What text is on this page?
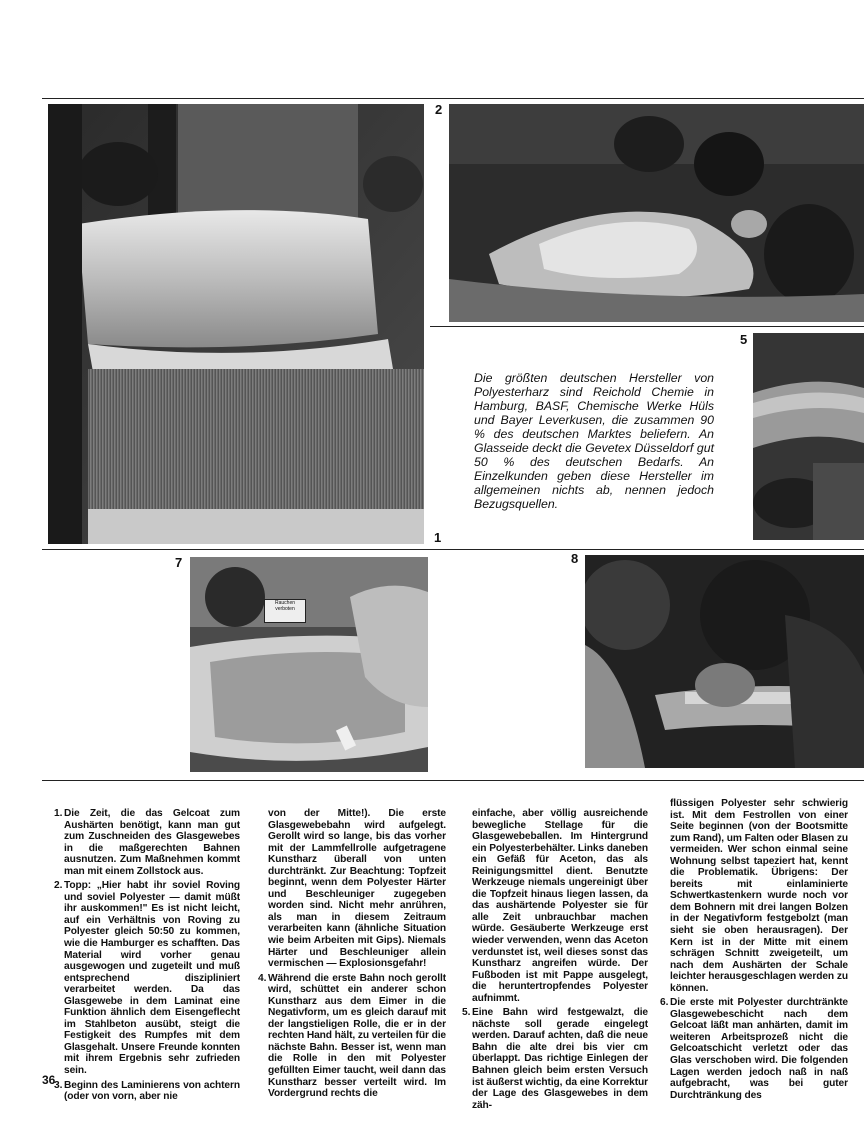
1
2
5
Die größten deutschen Hersteller von Polyesterharz sind Reichold Chemie in Hamburg, BASF, Chemische Werke Hüls und Bayer Leverkusen, die zusammen 90 % des deutschen Marktes beliefern. An Glasseide deckt die Gevetex Düsseldorf gut 50 % des deutschen Bedarfs. An Einzelkunden geben diese Hersteller im allgemeinen nichts ab, nennen jedoch Bezugsquellen.
7
Rauchen verboten
8
1. Die Zeit, die das Gelcoat zum Aushärten benötigt, kann man gut zum Zuschneiden des Glasgewebes in die maßgerechten Bahnen ausnutzen. Zum Maßnehmen kommt man mit einem Zollstock aus.
2. Topp: „Hier habt ihr soviel Roving und soviel Polyester — damit müßt ihr auskommen!" Es ist nicht leicht, auf ein Verhältnis von Roving zu Polyester gleich 50:50 zu kommen, wie die Hamburger es schafften. Das Material wird vorher genau ausgewogen und zugeteilt und muß entsprechend diszipliniert verarbeitet werden. Da das Glasgewebe in dem Laminat eine Funktion ähnlich dem Eisengeflecht im Stahlbeton ausübt, steigt die Festigkeit des Rumpfes mit dem Glasgehalt. Unsere Freunde konnten mit ihrem Ergebnis sehr zufrieden sein.
3. Beginn des Laminierens von achtern (oder von vorn, aber nie
von der Mitte!). Die erste Glasgewebebahn wird aufgelegt. Gerollt wird so lange, bis das vorher mit der Lammfellrolle aufgetragene Kunstharz überall von unten durchtränkt. Zur Beachtung: Topfzeit beginnt, wenn dem Polyester Härter und Beschleuniger zugegeben worden sind. Nicht mehr anrühren, als man in diesem Zeitraum verarbeiten kann (ähnliche Situation wie beim Arbeiten mit Gips). Niemals Härter und Beschleuniger allein vermischen — Explosionsgefahr!
4. Während die erste Bahn noch gerollt wird, schüttet ein anderer schon Kunstharz aus dem Eimer in die Negativform, um es gleich darauf mit der langstieligen Rolle, die er in der rechten Hand hält, zu verteilen für die nächste Bahn. Besser ist, wenn man die Rolle in den mit Polyester gefüllten Eimer taucht, weil dann das Kunstharz besser verteilt wird. Im Vordergrund rechts die
einfache, aber völlig ausreichende bewegliche Stellage für die Glasgewebeballen. Im Hintergrund ein Polyesterbehälter. Links daneben ein Gefäß für Aceton, das als Reinigungsmittel dient. Benutzte Werkzeuge niemals ungereinigt über die Topfzeit hinaus liegen lassen, da das aushärtende Polyester sie für alle Zeit unbrauchbar machen würde. Gesäuberte Werkzeuge erst wieder verwenden, wenn das Aceton verdunstet ist, weil dieses sonst das Kunstharz angreifen würde. Der Fußboden ist mit Pappe ausgelegt, die heruntertropfendes Polyester aufnimmt.
5. Eine Bahn wird festgewalzt, die nächste soll gerade eingelegt werden. Darauf achten, daß die neue Bahn die alte drei bis vier cm überlappt. Das richtige Einlegen der Bahnen gleich beim ersten Versuch ist äußerst wichtig, da eine Korrektur der Lage des Glasgewebes in dem zäh-
flüssigen Polyester sehr schwierig ist. Mit dem Festrollen von einer Seite beginnen (von der Bootsmitte zum Rand), um Falten oder Blasen zu vermeiden. Wer schon einmal seine Wohnung selbst tapeziert hat, kennt die Problematik. Übrigens: Der bereits mit einlaminierte Schwertkastenkern wurde noch vor dem Bohnern mit drei langen Bolzen in der Negativform festgebolzt (man sieht sie oben herausragen). Der Kern ist in der Mitte mit einem schrägen Schnitt zweigeteilt, um nach dem Aushärten der Schale leichter herausgeschlagen werden zu können.
6. Die erste mit Polyester durchtränkte Glasgewebeschicht nach dem Gelcoat läßt man anhärten, damit im weiteren Arbeitsprozeß nicht die Gelcoatschicht verletzt oder das Glas verschoben wird. Die folgenden Lagen werden jedoch naß in naß aufgebracht, was bei guter Durchtränkung des
36
